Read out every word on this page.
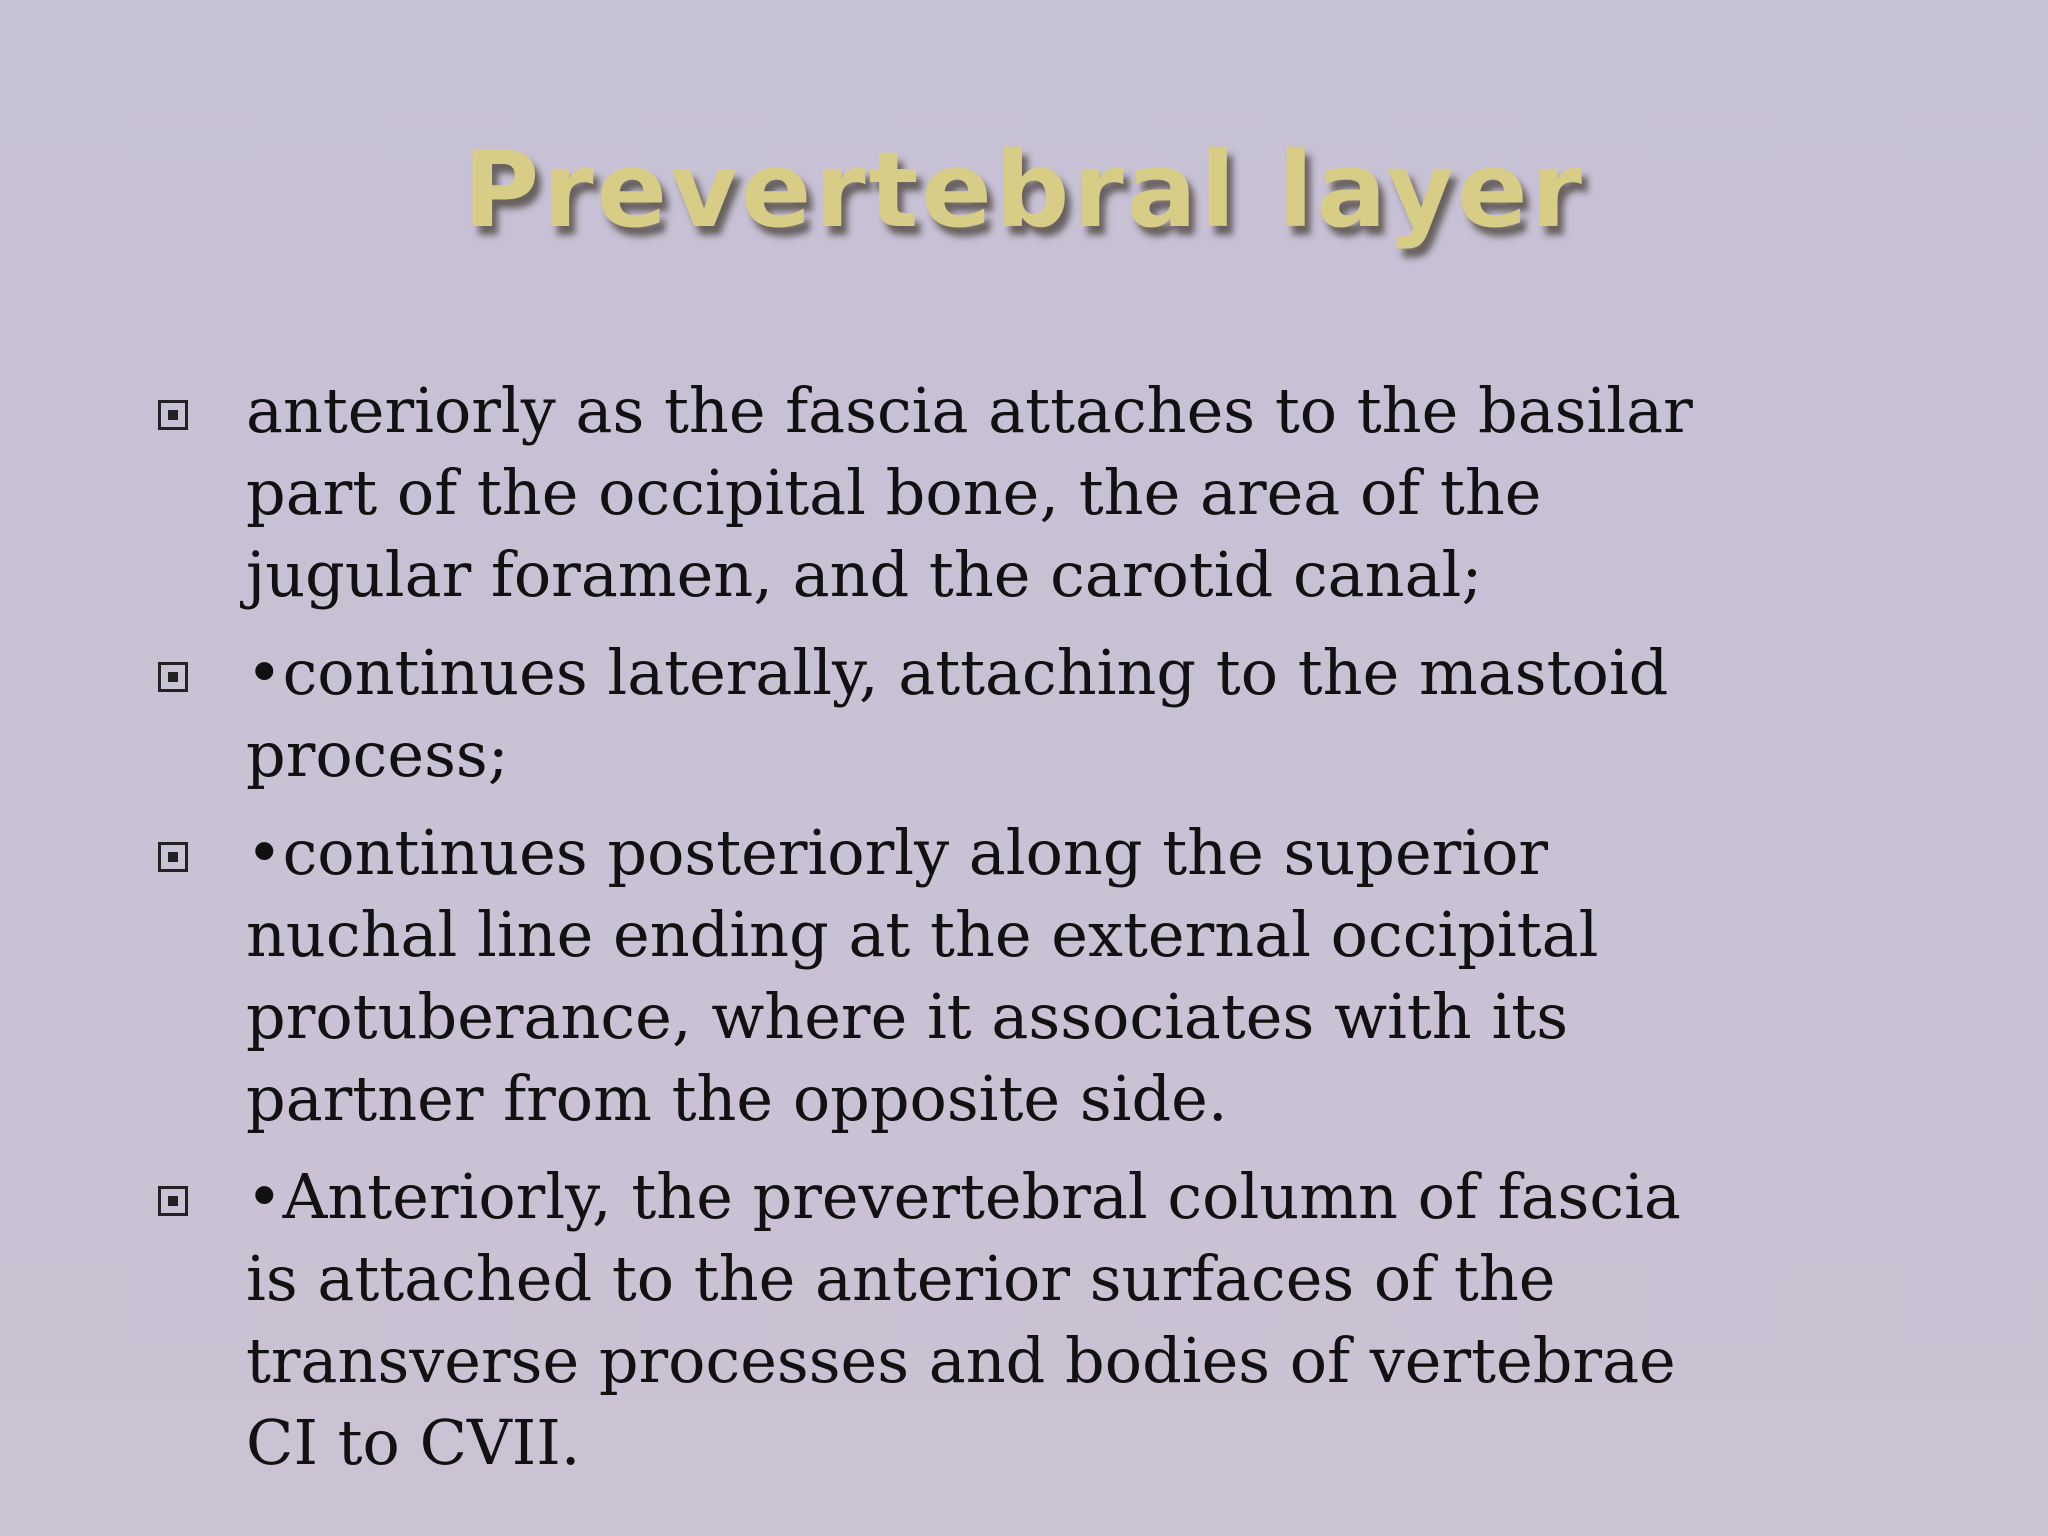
Prevertebral layer
anteriorly as the fascia attaches to the basilar part of the occipital bone, the area of the jugular foramen, and the carotid canal;
•continues laterally, attaching to the mastoid process;
•continues posteriorly along the superior nuchal line ending at the external occipital protuberance, where it associates with its partner from the opposite side.
•Anteriorly, the prevertebral column of fascia is attached to the anterior surfaces of the transverse processes and bodies of vertebrae CI to CVII.
